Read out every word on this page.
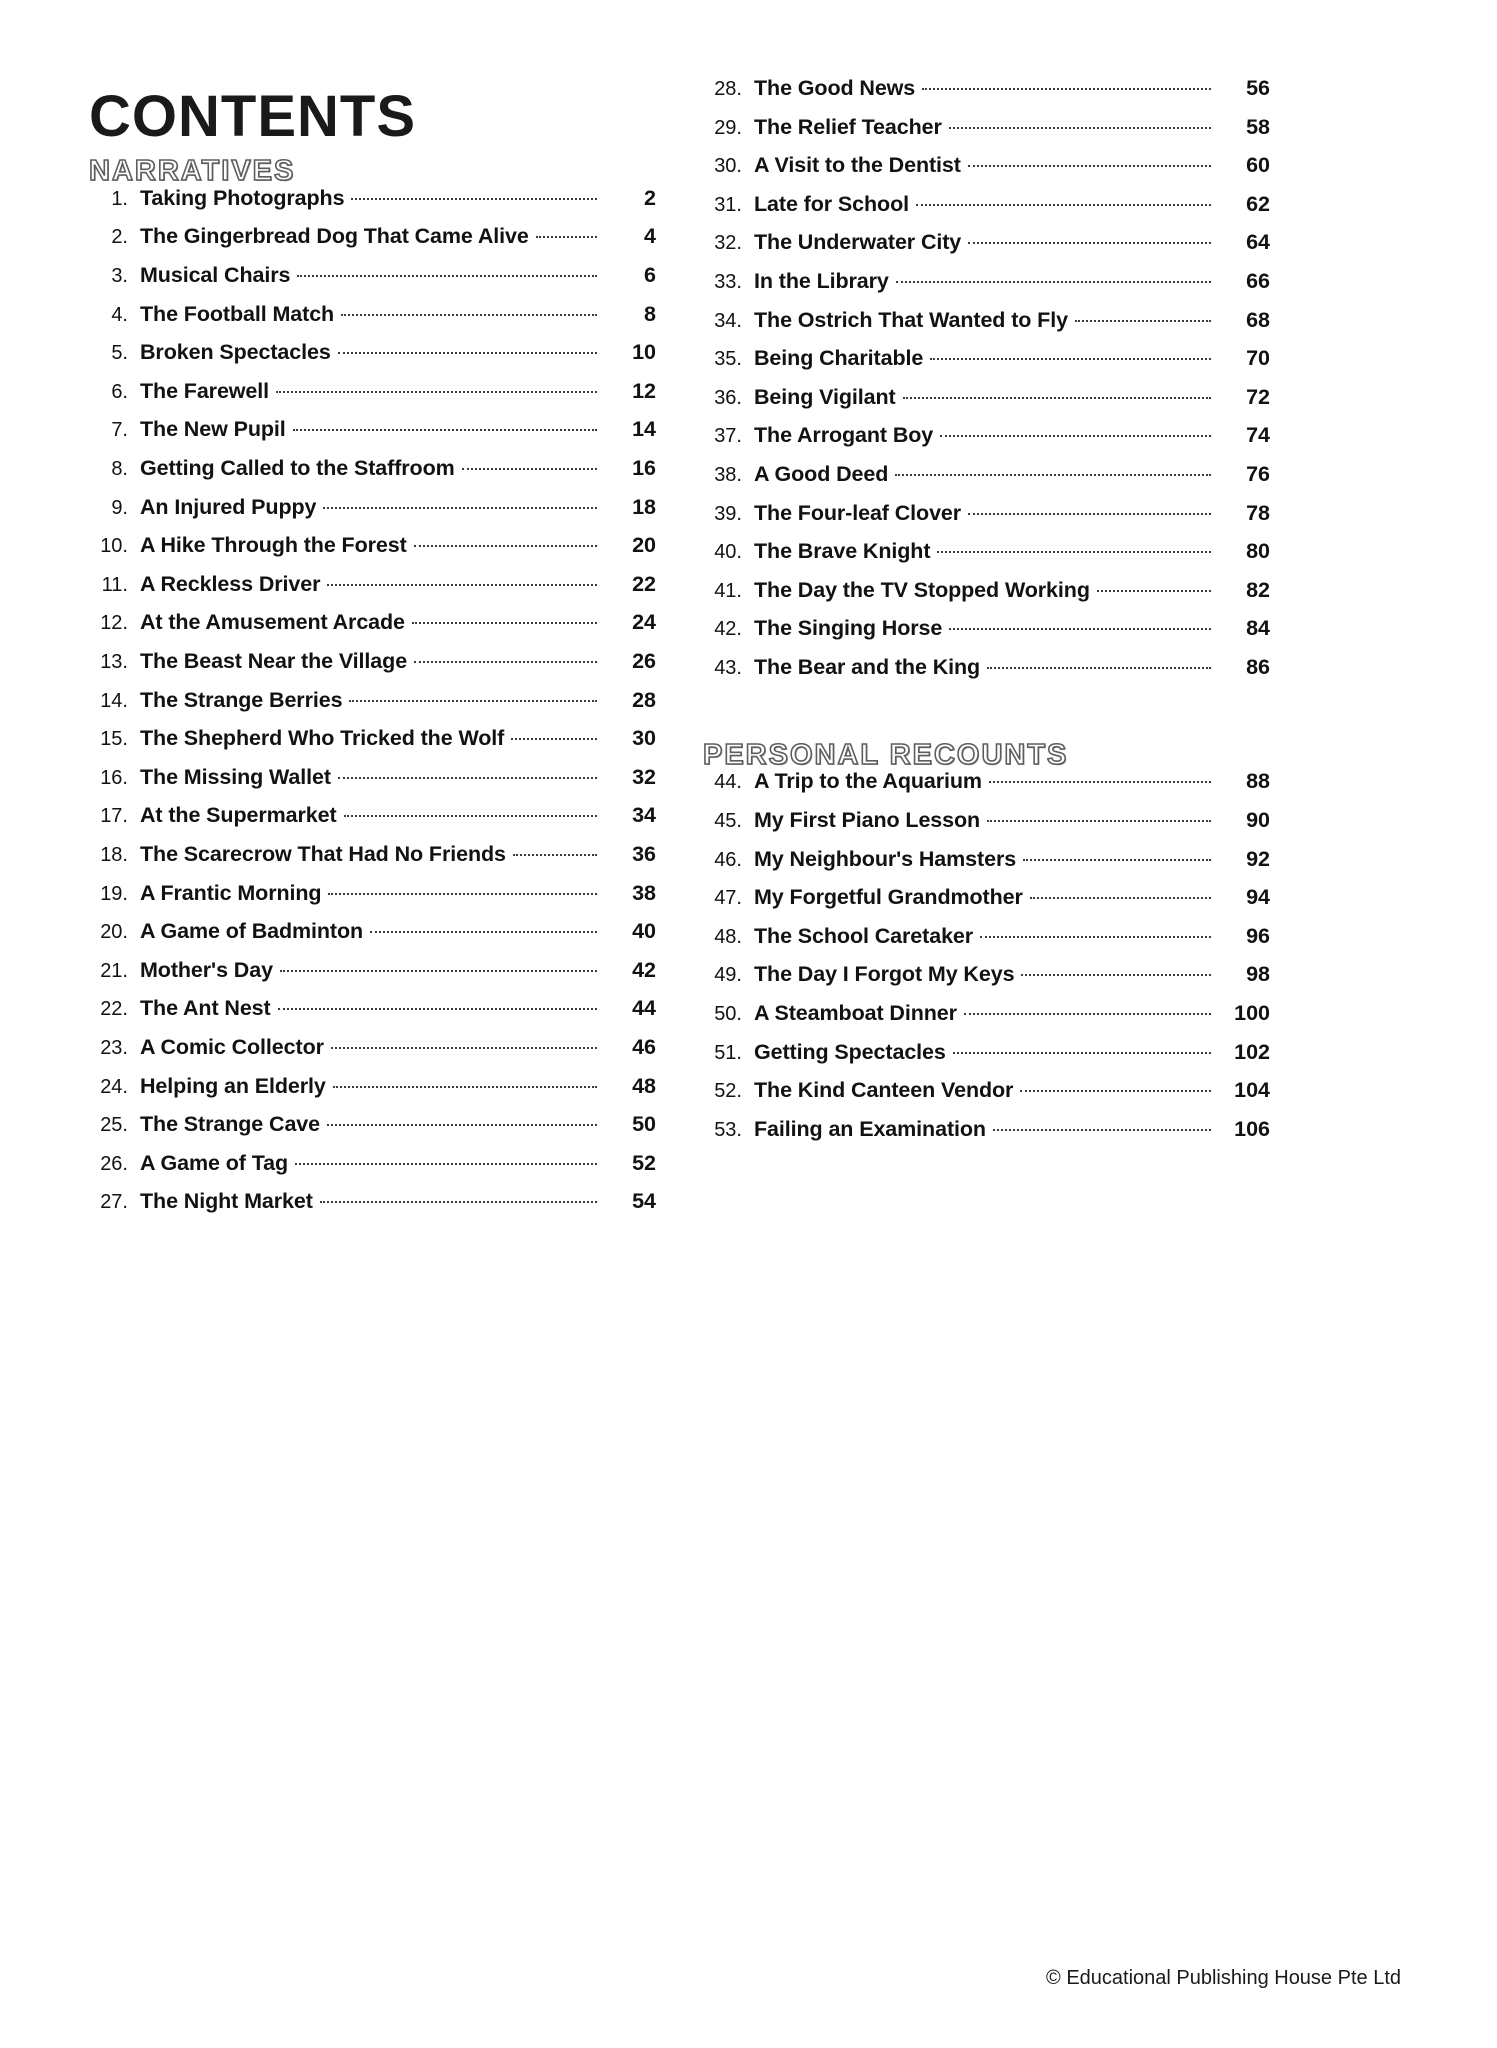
CONTENTS
NARRATIVES
1. Taking Photographs	2
2. The Gingerbread Dog That Came Alive	4
3. Musical Chairs	6
4. The Football Match	8
5. Broken Spectacles	10
6. The Farewell	12
7. The New Pupil	14
8. Getting Called to the Staffroom	16
9. An Injured Puppy	18
10. A Hike Through the Forest	20
11. A Reckless Driver	22
12. At the Amusement Arcade	24
13. The Beast Near the Village	26
14. The Strange Berries	28
15. The Shepherd Who Tricked the Wolf	30
16. The Missing Wallet	32
17. At the Supermarket	34
18. The Scarecrow That Had No Friends	36
19. A Frantic Morning	38
20. A Game of Badminton	40
21. Mother's Day	42
22. The Ant Nest	44
23. A Comic Collector	46
24. Helping an Elderly	48
25. The Strange Cave	50
26. A Game of Tag	52
27. The Night Market	54
28. The Good News	56
29. The Relief Teacher	58
30. A Visit to the Dentist	60
31. Late for School	62
32. The Underwater City	64
33. In the Library	66
34. The Ostrich That Wanted to Fly	68
35. Being Charitable	70
36. Being Vigilant	72
37. The Arrogant Boy	74
38. A Good Deed	76
39. The Four-leaf Clover	78
40. The Brave Knight	80
41. The Day the TV Stopped Working	82
42. The Singing Horse	84
43. The Bear and the King	86
PERSONAL RECOUNTS
44. A Trip to the Aquarium	88
45. My First Piano Lesson	90
46. My Neighbour's Hamsters	92
47. My Forgetful Grandmother	94
48. The School Caretaker	96
49. The Day I Forgot My Keys	98
50. A Steamboat Dinner	100
51. Getting Spectacles	102
52. The Kind Canteen Vendor	104
53. Failing an Examination	106
© Educational Publishing House Pte Ltd
